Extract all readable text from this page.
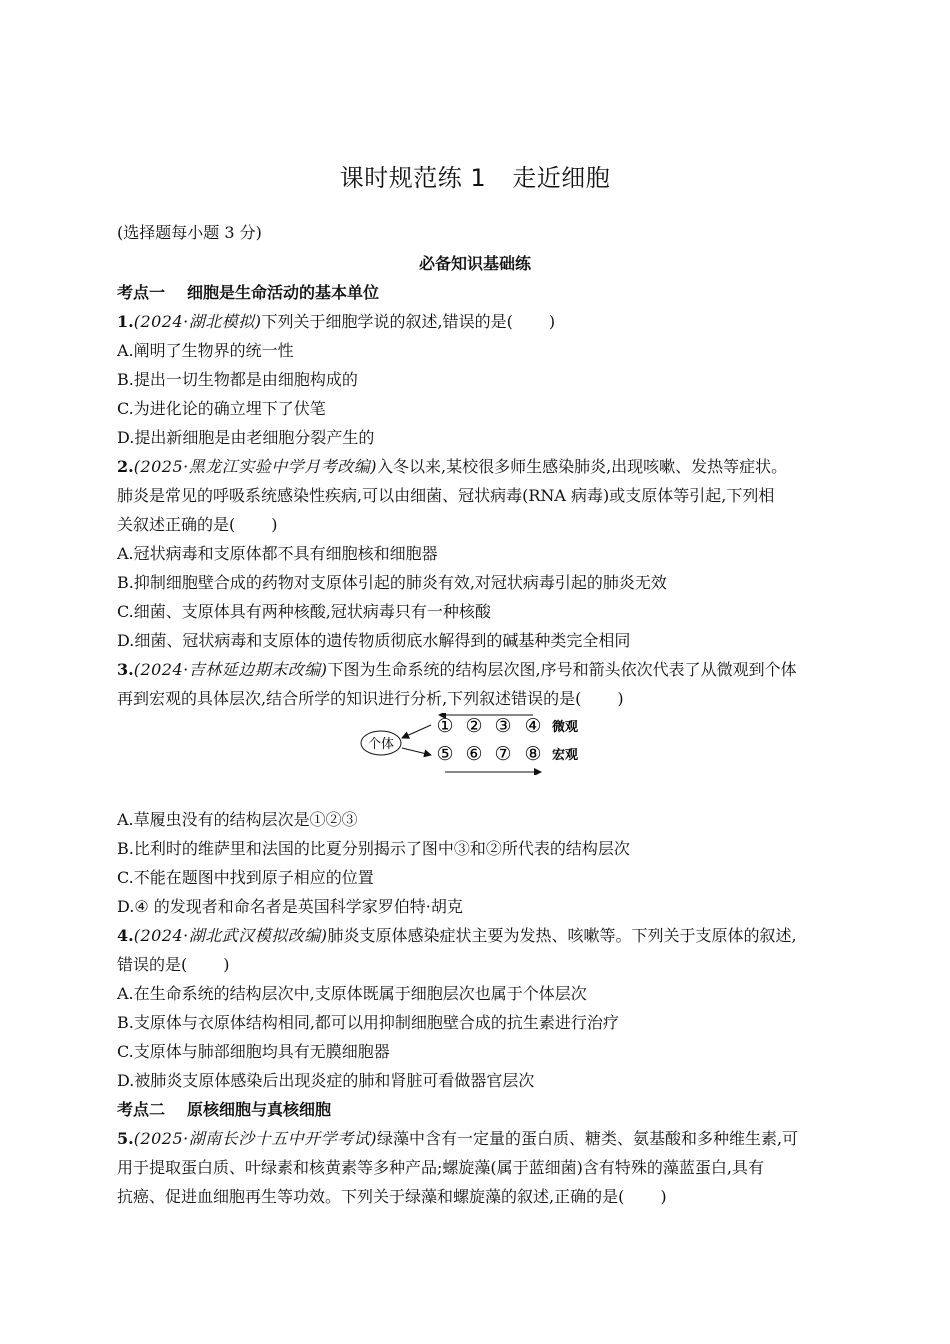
课时规范练 1 走近细胞
(选择题每小题 3 分)
必备知识基础练
考点一 细胞是生命活动的基本单位
1.(2024·湖北模拟)下列关于细胞学说的叙述,错误的是( )
A.阐明了生物界的统一性
B.提出一切生物都是由细胞构成的
C.为进化论的确立埋下了伏笔
D.提出新细胞是由老细胞分裂产生的
2.(2025·黑龙江实验中学月考改编)入冬以来,某校很多师生感染肺炎,出现咳嗽、发热等症状。
肺炎是常见的呼吸系统感染性疾病,可以由细菌、冠状病毒(RNA 病毒)或支原体等引起,下列相
关叙述正确的是( )
A.冠状病毒和支原体都不具有细胞核和细胞器
B.抑制细胞壁合成的药物对支原体引起的肺炎有效,对冠状病毒引起的肺炎无效
C.细菌、支原体具有两种核酸,冠状病毒只有一种核酸
D.细菌、冠状病毒和支原体的遗传物质彻底水解得到的碱基种类完全相同
3.(2024·吉林延边期末改编)下图为生命系统的结构层次图,序号和箭头依次代表了从微观到个体
再到宏观的具体层次,结合所学的知识进行分析,下列叙述错误的是( )
个体
① ② ③ ④ 微观
⑤ ⑥ ⑦ ⑧ 宏观
A.草履虫没有的结构层次是①②③
B.比利时的维萨里和法国的比夏分别揭示了图中③和②所代表的结构层次
C.不能在题图中找到原子相应的位置
D.④ 的发现者和命名者是英国科学家罗伯特·胡克
4.(2024·湖北武汉模拟改编)肺炎支原体感染症状主要为发热、咳嗽等。下列关于支原体的叙述,
错误的是( )
A.在生命系统的结构层次中,支原体既属于细胞层次也属于个体层次
B.支原体与衣原体结构相同,都可以用抑制细胞壁合成的抗生素进行治疗
C.支原体与肺部细胞均具有无膜细胞器
D.被肺炎支原体感染后出现炎症的肺和肾脏可看做器官层次
考点二 原核细胞与真核细胞
5.(2025·湖南长沙十五中开学考试)绿藻中含有一定量的蛋白质、糖类、氨基酸和多种维生素,可
用于提取蛋白质、叶绿素和核黄素等多种产品;螺旋藻(属于蓝细菌)含有特殊的藻蓝蛋白,具有
抗癌、促进血细胞再生等功效。下列关于绿藻和螺旋藻的叙述,正确的是( )
